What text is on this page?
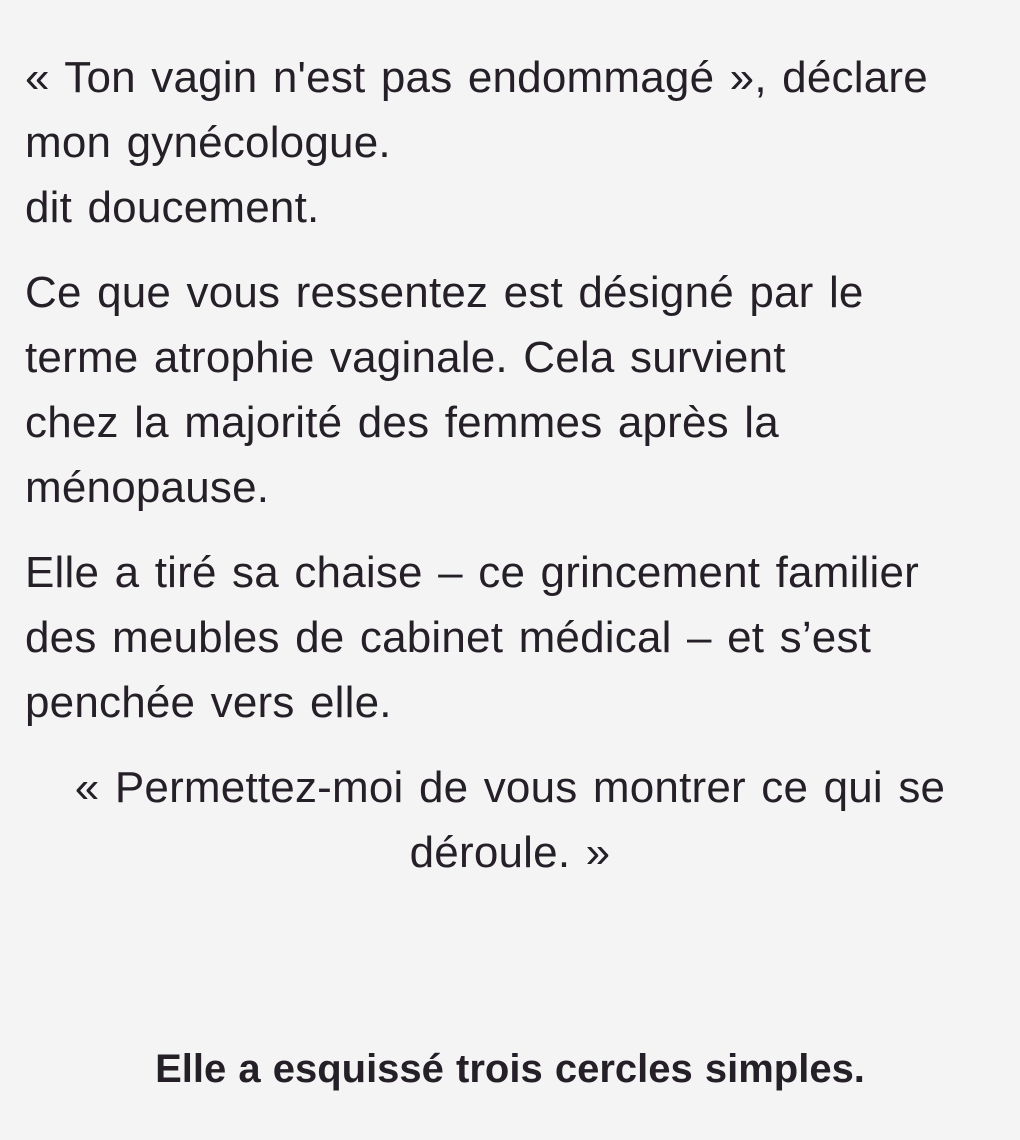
« Ton vagin n'est pas endommagé », déclare
mon gynécologue.
dit doucement.
Ce que vous ressentez est désigné par le
terme atrophie vaginale. Cela survient
chez la majorité des femmes après la
ménopause.
Elle a tiré sa chaise – ce grincement familier
des meubles de cabinet médical – et s’est
penchée vers elle.
« Permettez-moi de vous montrer ce qui se
déroule. »
Elle a esquissé trois cercles simples.
